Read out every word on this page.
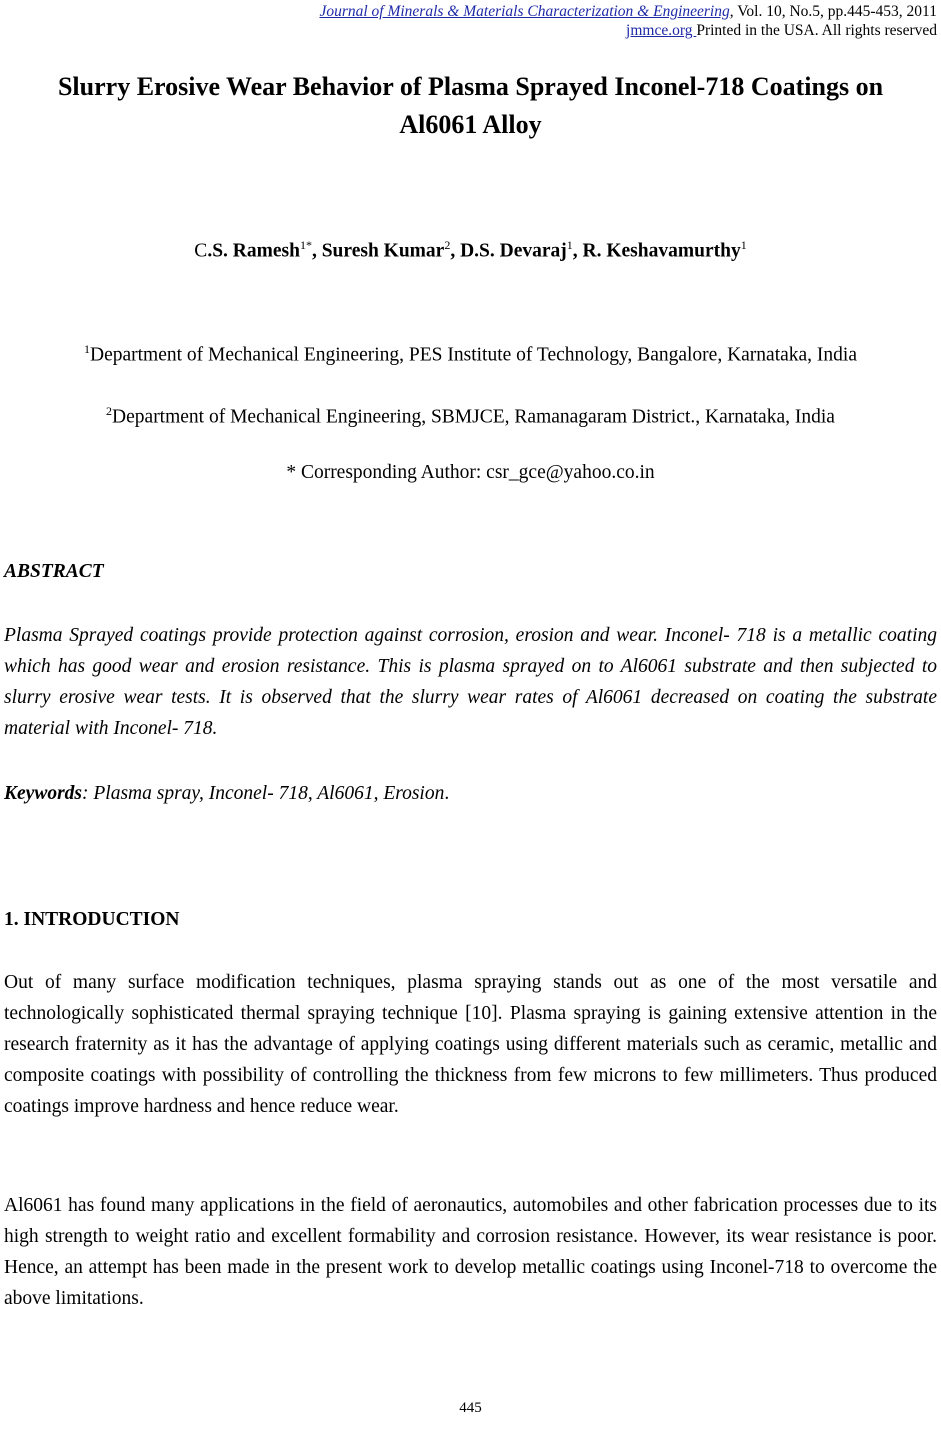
Journal of Minerals & Materials Characterization & Engineering, Vol. 10, No.5, pp.445-453, 2011
jmmce.org Printed in the USA. All rights reserved
Slurry Erosive Wear Behavior of Plasma Sprayed Inconel-718 Coatings on Al6061 Alloy
C.S. Ramesh$^{1*}$, Suresh Kumar$^2$, D.S. Devaraj$^1$, R. Keshavamurthy$^1$
$^1$Department of Mechanical Engineering, PES Institute of Technology, Bangalore, Karnataka, India
$^2$Department of Mechanical Engineering, SBMJCE, Ramanagaram District., Karnataka, India
* Corresponding Author: csr_gce@yahoo.co.in
ABSTRACT
Plasma Sprayed coatings provide protection against corrosion, erosion and wear. Inconel- 718 is a metallic coating which has good wear and erosion resistance. This is plasma sprayed on to Al6061 substrate and then subjected to slurry erosive wear tests. It is observed that the slurry wear rates of Al6061 decreased on coating the substrate material with Inconel- 718.
Keywords: Plasma spray, Inconel- 718, Al6061, Erosion.
1. INTRODUCTION
Out of many surface modification techniques, plasma spraying stands out as one of the most versatile and technologically sophisticated thermal spraying technique [10]. Plasma spraying is gaining extensive attention in the research fraternity as it has the advantage of applying coatings using different materials such as ceramic, metallic and composite coatings with possibility of controlling the thickness from few microns to few millimeters. Thus produced coatings improve hardness and hence reduce wear.
Al6061 has found many applications in the field of aeronautics, automobiles and other fabrication processes due to its high strength to weight ratio and excellent formability and corrosion resistance. However, its wear resistance is poor. Hence, an attempt has been made in the present work to develop metallic coatings using Inconel-718 to overcome the above limitations.
445
